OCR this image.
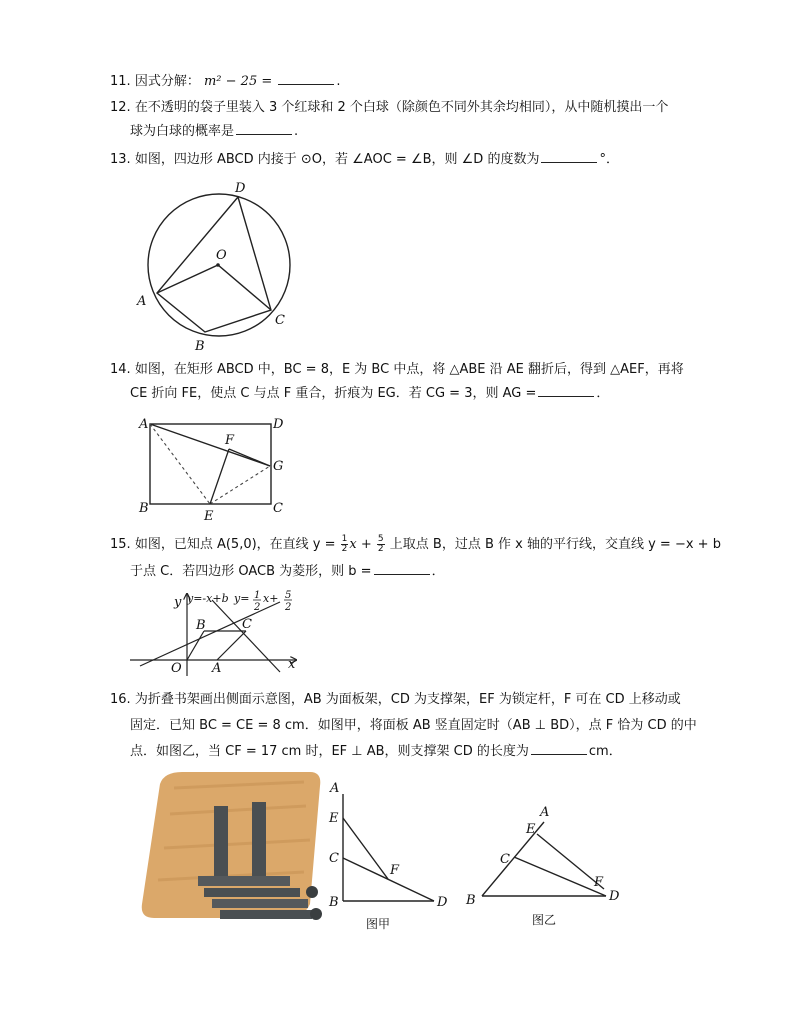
11. 因式分解： m² − 25 =	.
12. 在不透明的袋子里装入 3 个红球和 2 个白球（除颜色不同外其余均相同），从中随机摸出一个
球为白球的概率是	.
13. 如图，四边形 ABCD 内接于 ⊙O，若 ∠AOC = ∠B，则 ∠D 的度数为	°．
D
O
A
C
B
14. 如图，在矩形 ABCD 中，BC = 8，E 为 BC 中点，将 △ABE 沿 AE 翻折后，得到 △AEF，再将
CE 折向 FE，使点 C 与点 F 重合，折痕为 EG．若 CG = 3，则 AG =	．
A	D
F
G
B
E
C
15. 如图，已知点 A(5,0)，在直线 $y = \frac{1}{2}$ $x + \frac{5}{2}$ 上取点 B，过点 B 作 x 轴的平行线，交直线 y = −x + b
于点 C．若四边形 OACB 为菱形，则 b =	．
y
x
O A
B	C
y=-x+b y= 1
2
x+ 5
2
16. 为折叠书架画出侧面示意图，AB 为面板架，CD 为支撑架，EF 为锁定杆，F 可在 CD 上移动或
固定．已知 BC = CE = 8 cm．如图甲，将面板 AB 竖直固定时（AB ⊥ BD），点 F 恰为 CD 的中
点．如图乙，当 CF = 17 cm 时，EF ⊥ AB，则支撑架 CD 的长度为	cm．
A
E
C
F
B	D
图甲
A
E
C
F
B	D
图乙
